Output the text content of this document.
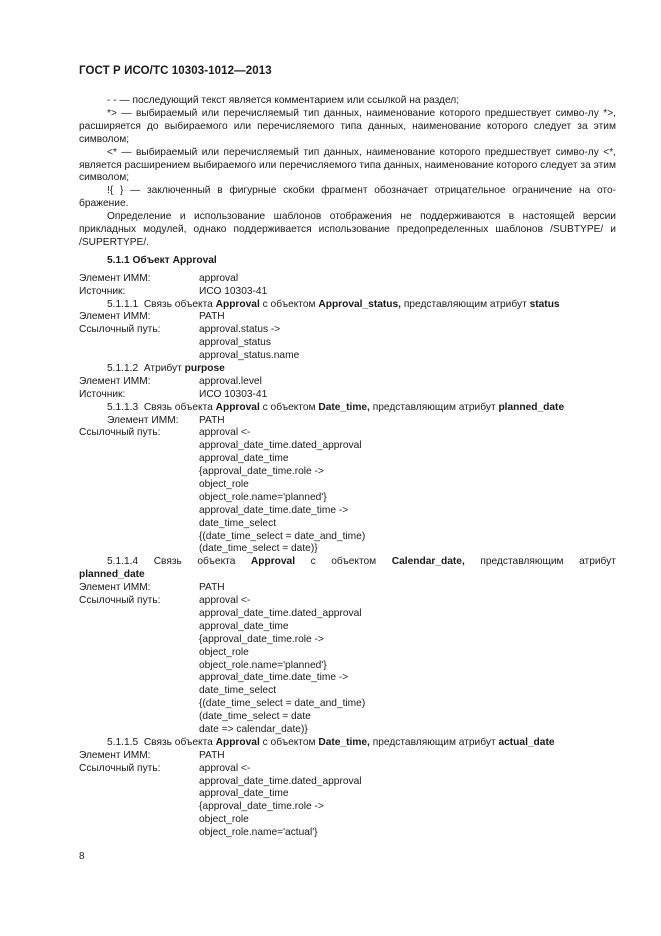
ГОСТ Р ИСО/ТС 10303-1012—2013

- - — последующий текст является комментарием или ссылкой на раздел;

*> — выбираемый или перечисляемый тип данных, наименование которого предшествует симво-лу *>, расширяется до выбираемого или перечисляемого типа данных, наименование которого следует за этим символом;

<* — выбираемый или перечисляемый тип данных, наименование которого предшествует симво-лу <*, является расширением выбираемого или перечисляемого типа данных, наименование которого следует за этим символом;

!{ } — заключенный в фигурные скобки фрагмент обозначает отрицательное ограничение на ото-бражение.

Определение и использование шаблонов отображения не поддерживаются в настоящей версии прикладных модулей, однако поддерживается использование предопределенных шаблонов /SUBTYPE/ и /SUPERTYPE/.

5.1.1 Объект Approval
Элемент ИММ:	approval
Источник:	ИСО 10303-41
5.1.1.1 Связь объекта Approval с объектом Approval_status, представляющим атрибут status
Элемент ИММ:	PATH
Ссылочный путь:	approval.status ->
approval_status
approval_status.name
5.1.1.2 Атрибут purpose
Элемент ИММ:	approval.level
Источник:	ИСО 10303-41
5.1.1.3 Связь объекта Approval с объектом Date_time, представляющим атрибут planned_date
Элемент ИММ: PATH
Ссылочный путь:	approval <-
approval_date_time.dated_approval
approval_date_time
{approval_date_time.role ->
object_role
object_role.name='planned'}
approval_date_time.date_time ->
date_time_select
{(date_time_select = date_and_time)
(date_time_select = date)}
5.1.1.4 Связь объекта Approval с объектом Calendar_date, представляющим атрибут
planned_date
Элемент ИММ:	PATH
Ссылочный путь:	approval <-
approval_date_time.dated_approval
approval_date_time
{approval_date_time.role ->
object_role
object_role.name='planned'}
approval_date_time.date_time ->
date_time_select
{(date_time_select = date_and_time)
(date_time_select = date
date => calendar_date)}
5.1.1.5 Связь объекта Approval с объектом Date_time, представляющим атрибут actual_date
Элемент ИММ:	PATH
Ссылочный путь:	approval <-
approval_date_time.dated_approval
approval_date_time
{approval_date_time.role ->
object_role
object_role.name='actual'}
8
